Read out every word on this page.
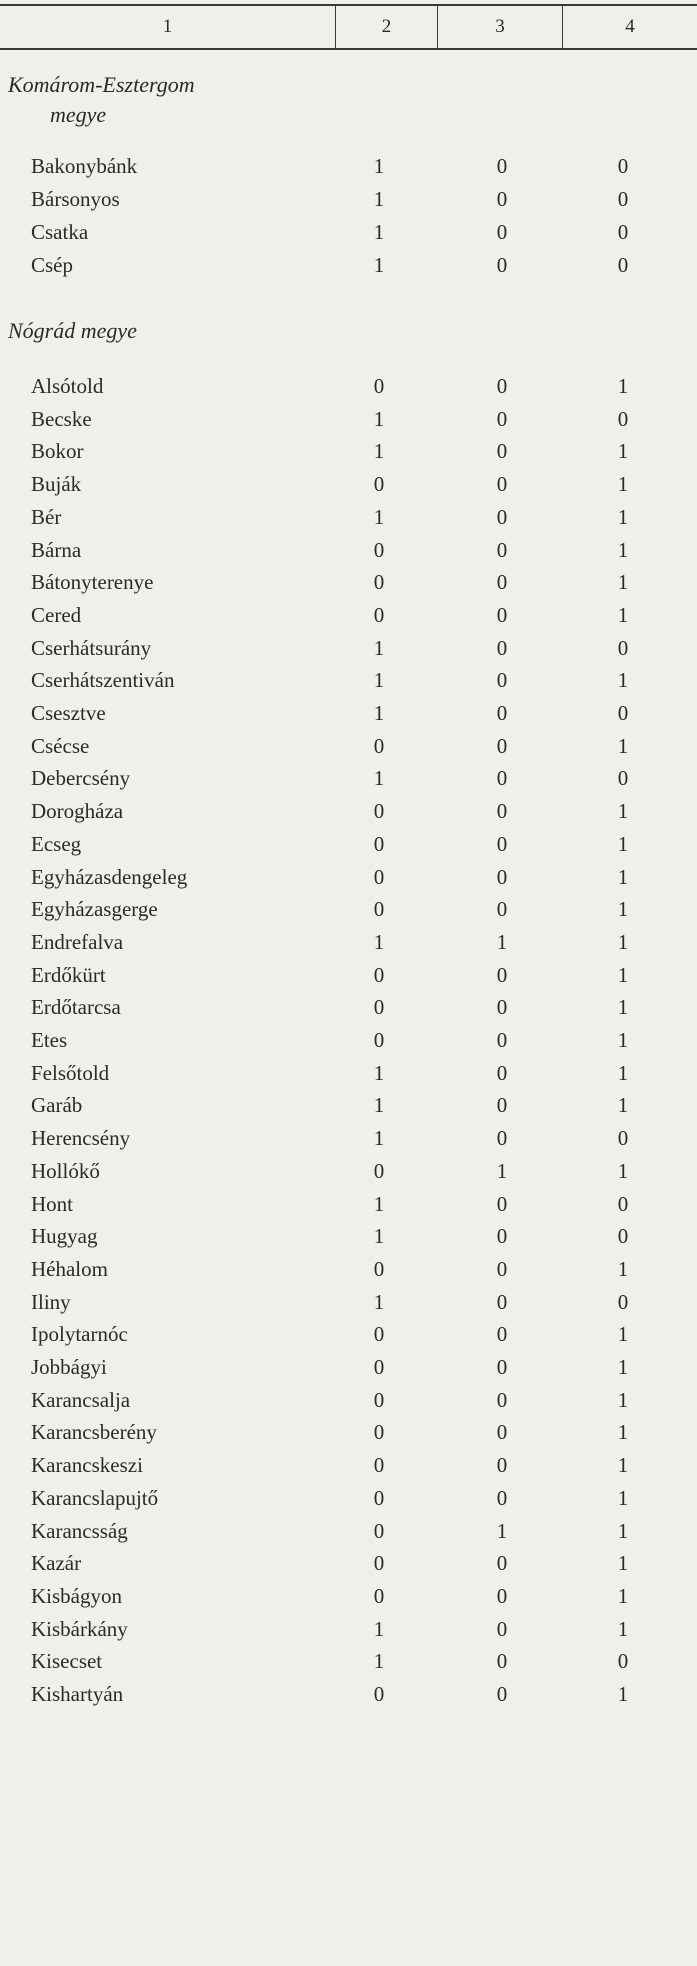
1	2	3	4
Komárom-Esztergom
megye
Bakonybánk	1	0	0
Bársonyos	1	0	0
Csatka	1	0	0
Csép	1	0	0
Nógrád megye
Alsótold	0	0	1
Becske	1	0	0
Bokor	1	0	1
Buják	0	0	1
Bér	1	0	1
Bárna	0	0	1
Bátonyterenye	0	0	1
Cered	0	0	1
Cserhátsurány	1	0	0
Cserhátszentiván	1	0	1
Csesztve	1	0	0
Csécse	0	0	1
Debercsény	1	0	0
Dorogháza	0	0	1
Ecseg	0	0	1
Egyházasdengeleg	0	0	1
Egyházasgerge	0	0	1
Endrefalva	1	1	1
Erdőkürt	0	0	1
Erdőtarcsa	0	0	1
Etes	0	0	1
Felsőtold	1	0	1
Garáb	1	0	1
Herencsény	1	0	0
Hollókő	0	1	1
Hont	1	0	0
Hugyag	1	0	0
Héhalom	0	0	1
Iliny	1	0	0
Ipolytarnóc	0	0	1
Jobbágyi	0	0	1
Karancsalja	0	0	1
Karancsberény	0	0	1
Karancskeszi	0	0	1
Karancslapujtő	0	0	1
Karancsság	0	1	1
Kazár	0	0	1
Kisbágyon	0	0	1
Kisbárkány	1	0	1
Kisecset	1	0	0
Kishartyán	0	0	1
